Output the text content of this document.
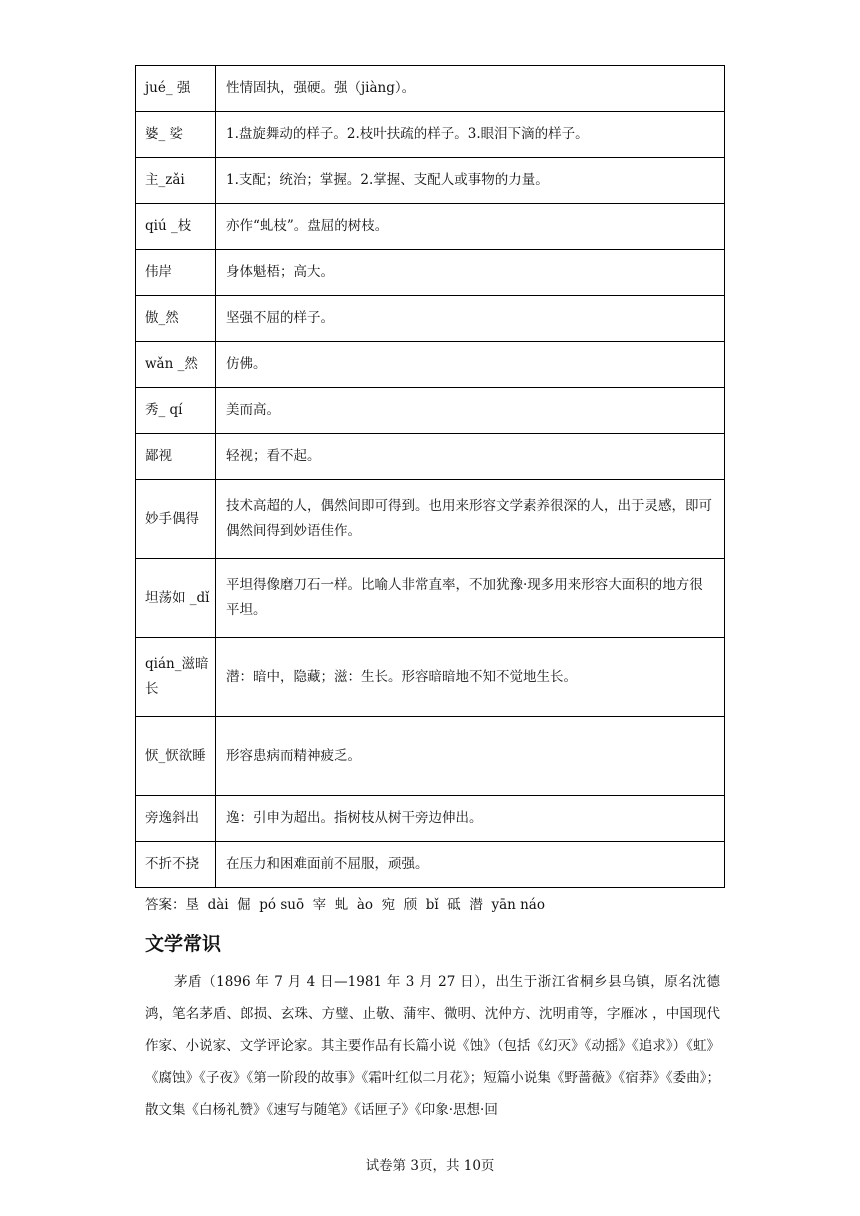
jué_ 强	性情固执，强硬。强（jiàng）。
婆_ 娑	1.盘旋舞动的样子。2.枝叶扶疏的样子。3.眼泪下滴的样子。
主_zǎi	1.支配；统治；掌握。2.掌握、支配人或事物的力量。
qiú _枝	亦作“虬枝”。盘屈的树枝。
伟岸	身体魁梧；高大。
傲_然	坚强不屈的样子。
wǎn _然	仿佛。
秀_ qí	美而高。
鄙视	轻视；看不起。
妙手偶得	技术高超的人，偶然间即可得到。也用来形容文学素养很深的人，出于灵感，即可偶然间得到妙语佳作。
坦荡如 _dǐ	平坦得像磨刀石一样。比喻人非常直率，不加犹豫·现多用来形容大面积的地方很平坦。
qián_滋暗长	潜：暗中，隐藏；滋：生长。形容暗暗地不知不觉地生长。
恹_恹欲睡	形容患病而精神疲乏。
旁逸斜出	逸：引申为超出。指树枝从树干旁边伸出。
不折不挠	在压力和困难面前不屈服，顽强。
答案：垦  dài  倔  pó suō  宰  虬  ào  宛  颀  bǐ  砥  潜  yān náo
文学常识

茅盾（1896 年 7 月 4 日—1981 年 3 月 27 日），出生于浙江省桐乡县乌镇，原名沈德鸿，笔名茅盾、郎损、玄珠、方璧、止敬、蒲牢、微明、沈仲方、沈明甫等，字雁冰 ，中国现代作家、小说家、文学评论家。其主要作品有长篇小说《蚀》（包括《幻灭》《动摇》《追求》）《虹》《腐蚀》《子夜》《第一阶段的故事》《霜叶红似二月花》；短篇小说集《野蔷薇》《宿莽》《委曲》；散文集《白杨礼赞》《速写与随笔》《话匣子》《印象·思想·回

试卷第 3页，共 10页
